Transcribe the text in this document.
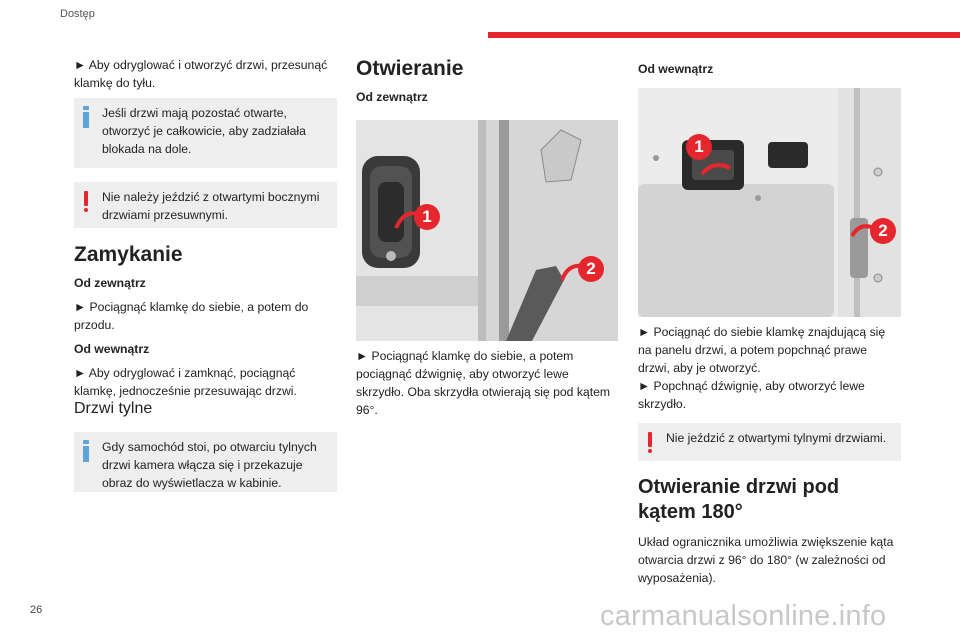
Dostęp

► Aby odryglować i otworzyć drzwi, przesunąć klamkę do tyłu.

Jeśli drzwi mają pozostać otwarte, otworzyć je całkowicie, aby zadziałała blokada na dole.
Nie należy jeździć z otwartymi bocznymi drzwiami przesuwnymi.
Zamykanie

Od zewnątrz

► Pociągnąć klamkę do siebie, a potem do przodu.

Od wewnątrz

► Aby odryglować i zamknąć, pociągnąć klamkę, jednocześnie przesuwając drzwi.

Drzwi tylne
Gdy samochód stoi, po otwarciu tylnych drzwi kamera włącza się i przekazuje obraz do wyświetlacza w kabinie.
Otwieranie

Od zewnątrz

1
2

► Pociągnąć klamkę do siebie, a potem pociągnąć dźwignię, aby otworzyć lewe skrzydło. Oba skrzydła otwierają się pod kątem 96°.

Od wewnątrz

1
2

► Pociągnąć do siebie klamkę znajdującą się na panelu drzwi, a potem popchnąć prawe drzwi, aby je otworzyć.

► Popchnąć dźwignię, aby otworzyć lewe skrzydło.

Nie jeździć z otwartymi tylnymi drzwiami.
Otwieranie drzwi pod kątem 180°

Układ ogranicznika umożliwia zwiększenie kąta otwarcia drzwi z 96° do 180° (w zależności od wyposażenia).

26	carmanualsonline.info
